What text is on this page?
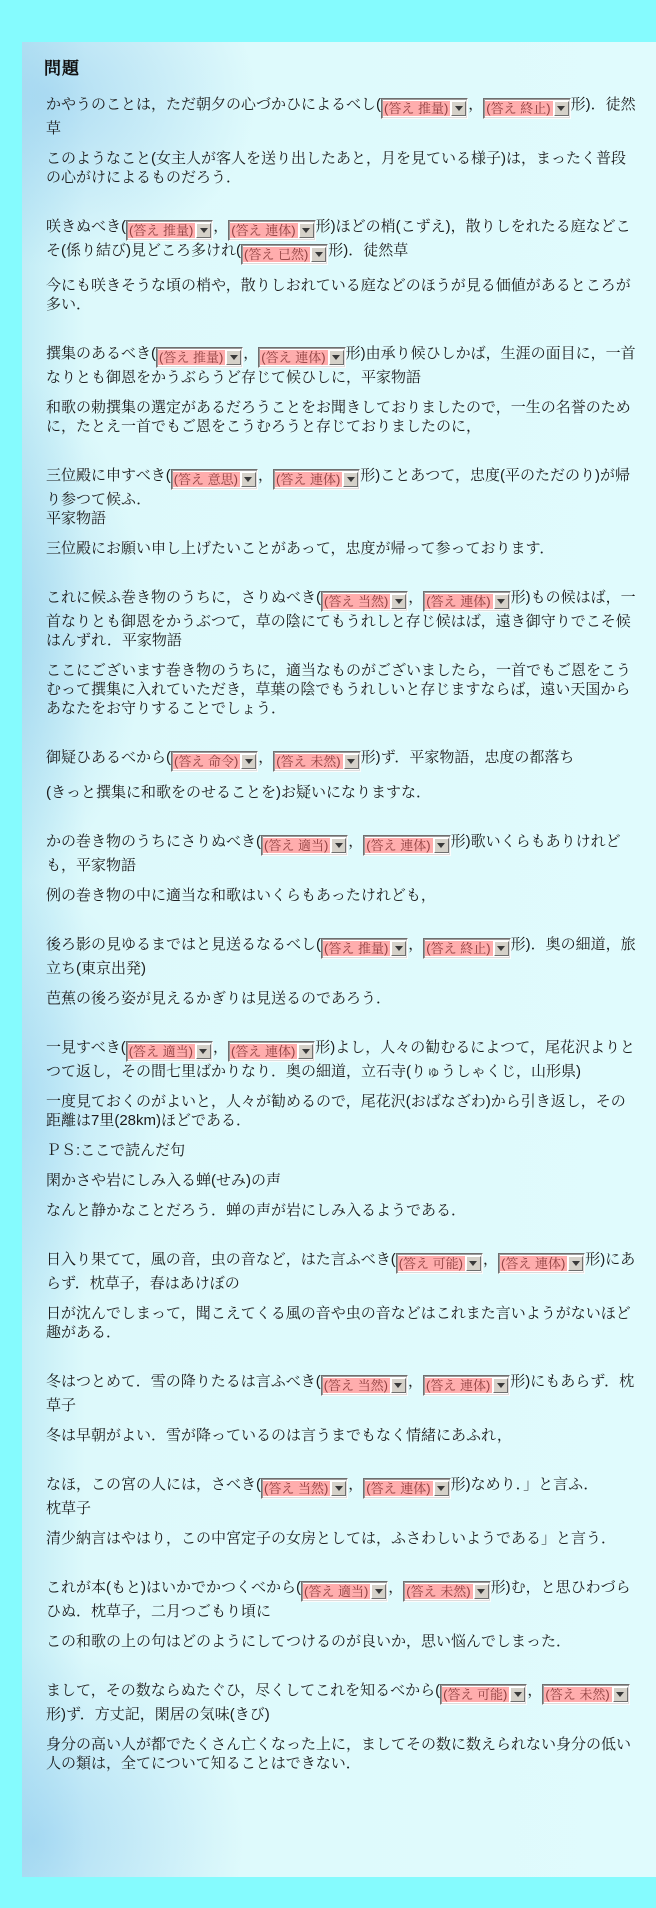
問題

かやうのことは，ただ朝夕の心づかひによるべし( (答え 推量) ， (答え 終止) 形)．徒然草

このようなこと(女主人が客人を送り出したあと，月を見ている様子)は，まったく普段の心がけによるものだろう．

咲きぬべき( (答え 推量) ， (答え 連体) 形)ほどの梢(こずえ)，散りしをれたる庭などこそ(係り結び)見どころ多けれ( (答え 已然) 形)．徒然草

今にも咲きそうな頃の梢や，散りしおれている庭などのほうが見る価値があるところが多い．

撰集のあるべき( (答え 推量) ， (答え 連体) 形)由承り候ひしかば，生涯の面目に，一首なりとも御恩をかうぶらうど存じて候ひしに，平家物語

和歌の勅撰集の選定があるだろうことをお聞きしておりましたので，一生の名誉のために，たとえ一首でもご恩をこうむろうと存じておりましたのに，

三位殿に申すべき( (答え 意思) ， (答え 連体) 形)ことあつて，忠度(平のただのり)が帰り参つて候ふ．
平家物語

三位殿にお願い申し上げたいことがあって，忠度が帰って参っております．

これに候ふ巻き物のうちに，さりぬべき( (答え 当然) ， (答え 連体) 形)もの候はば，一首なりとも御恩をかうぶつて，草の陰にてもうれしと存じ候はば，遠き御守りでこそ候はんずれ．平家物語

ここにございます巻き物のうちに，適当なものがございましたら，一首でもご恩をこうむって撰集に入れていただき，草葉の陰でもうれしいと存じますならば，遠い天国からあなたをお守りすることでしょう．

御疑ひあるべから( (答え 命令) ， (答え 未然) 形)ず．平家物語，忠度の都落ち

(きっと撰集に和歌をのせることを)お疑いになりますな．

かの巻き物のうちにさりぬべき( (答え 適当) ， (答え 連体) 形)歌いくらもありけれども，平家物語

例の巻き物の中に適当な和歌はいくらもあったけれども，

後ろ影の見ゆるまではと見送るなるべし( (答え 推量) ， (答え 終止) 形)．奥の細道，旅立ち(東京出発)

芭蕉の後ろ姿が見えるかぎりは見送るのであろう．

一見すべき( (答え 適当) ， (答え 連体) 形)よし，人々の勧むるによつて，尾花沢よりとつて返し，その間七里ばかりなり．奥の細道，立石寺(りゅうしゃくじ，山形県)

一度見ておくのがよいと，人々が勧めるので，尾花沢(おばなざわ)から引き返し，その距離は7里(28km)ほどである．

ＰＳ:ここで読んだ句

閑かさや岩にしみ入る蝉(せみ)の声

なんと静かなことだろう．蝉の声が岩にしみ入るようである．

日入り果てて，風の音，虫の音など，はた言ふべき( (答え 可能) ， (答え 連体) 形)にあらず．枕草子，春はあけぼの

日が沈んでしまって，聞こえてくる風の音や虫の音などはこれまた言いようがないほど趣がある．

冬はつとめて．雪の降りたるは言ふべき( (答え 当然) ， (答え 連体) 形)にもあらず．枕草子

冬は早朝がよい．雪が降っているのは言うまでもなく情緒にあふれ，

なほ，この宮の人には，さべき( (答え 当然) ， (答え 連体) 形)なめり．」と言ふ．
枕草子

清少納言はやはり，この中宮定子の女房としては，ふさわしいようである」と言う．

これが本(もと)はいかでかつくべから( (答え 適当) ， (答え 未然) 形)む，と思ひわづらひぬ．枕草子，二月つごもり頃に

この和歌の上の句はどのようにしてつけるのが良いか，思い悩んでしまった．

まして，その数ならぬたぐひ，尽くしてこれを知るべから( (答え 可能) ， (答え 未然)
形)ず．方丈記，閑居の気味(きび)

身分の高い人が都でたくさん亡くなった上に，ましてその数に数えられない身分の低い人の類は，全てについて知ることはできない．
